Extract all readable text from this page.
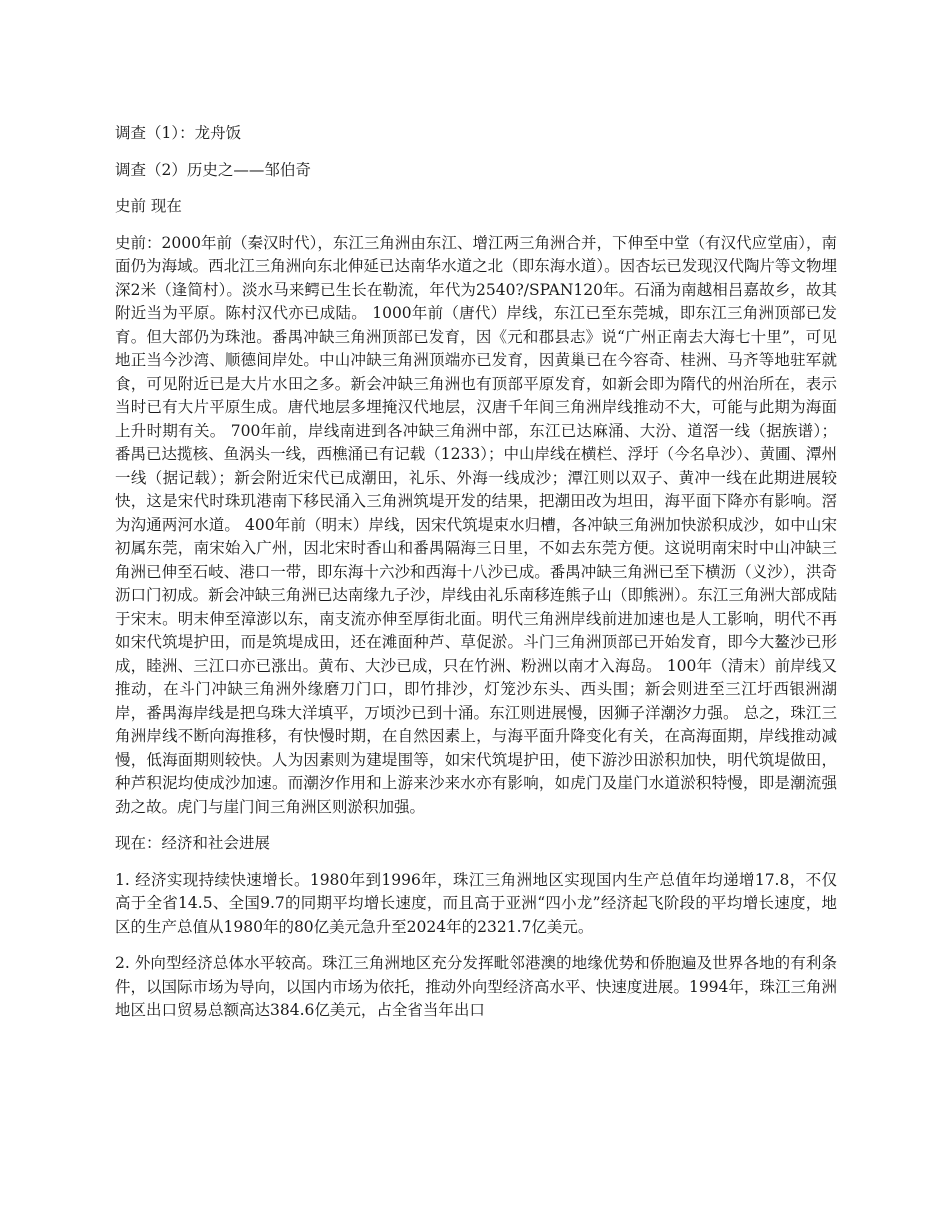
调查（1）：龙舟饭

调查（2）历史之——邹伯奇

史前 现在

史前：2000年前（秦汉时代），东江三角洲由东江、增江两三角洲合并，下伸至中堂（有汉代应堂庙），南面仍为海域。西北江三角洲向东北伸延已达南华水道之北（即东海水道）。因杏坛已发现汉代陶片等文物埋深2米（逢简村）。淡水马来鳄已生长在勒流，年代为2540?/SPAN120年。石涌为南越相吕嘉故乡，故其附近当为平原。陈村汉代亦已成陆。 1000年前（唐代）岸线，东江已至东莞城，即东江三角洲顶部已发育。但大部仍为珠池。番禺冲缺三角洲顶部已发育，因《元和郡县志》说“广州正南去大海七十里”，可见地正当今沙湾、顺德间岸处。中山冲缺三角洲顶端亦已发育，因黄巢已在今容奇、桂洲、马齐等地驻军就食，可见附近已是大片水田之多。新会冲缺三角洲也有顶部平原发育，如新会即为隋代的州治所在，表示当时已有大片平原生成。唐代地层多埋掩汉代地层，汉唐千年间三角洲岸线推动不大，可能与此期为海面上升时期有关。 700年前，岸线南进到各冲缺三角洲中部，东江已达麻涌、大汾、道滘一线（据族谱）；番禺已达揽核、鱼涡头一线，西樵涌已有记载（1233）；中山岸线在横栏、浮圩（今名阜沙）、黄圃、潭州一线（据记载）；新会附近宋代已成潮田，礼乐、外海一线成沙；潭江则以双子、黄冲一线在此期进展较快，这是宋代时珠玑港南下移民涌入三角洲筑堤开发的结果，把潮田改为坦田，海平面下降亦有影响。滘为沟通两河水道。 400年前（明末）岸线，因宋代筑堤束水归槽，各冲缺三角洲加快淤积成沙，如中山宋初属东莞，南宋始入广州，因北宋时香山和番禺隔海三日里，不如去东莞方便。这说明南宋时中山冲缺三角洲已伸至石岐、港口一带，即东海十六沙和西海十八沙已成。番禺冲缺三角洲已至下横沥（义沙），洪奇沥口门初成。新会冲缺三角洲已达南缘九子沙，岸线由礼乐南移连熊子山（即熊洲）。东江三角洲大部成陆于宋末。明末伸至漳澎以东，南支流亦伸至厚街北面。明代三角洲岸线前进加速也是人工影响，明代不再如宋代筑堤护田，而是筑堤成田，还在滩面种芦、草促淤。斗门三角洲顶部已开始发育，即今大鳌沙已形成，睦洲、三江口亦已涨出。黄布、大沙已成，只在竹洲、粉洲以南才入海岛。 100年（清末）前岸线又推动，在斗门冲缺三角洲外缘磨刀门口，即竹排沙，灯笼沙东头、西头围；新会则进至三江圩西银洲湖岸，番禺海岸线是把乌珠大洋填平，万顷沙已到十涌。东江则进展慢，因狮子洋潮汐力强。 总之，珠江三角洲岸线不断向海推移，有快慢时期，在自然因素上，与海平面升降变化有关，在高海面期，岸线推动减慢，低海面期则较快。人为因素则为建堤围等，如宋代筑堤护田，使下游沙田淤积加快，明代筑堤做田，种芦积泥均使成沙加速。而潮汐作用和上游来沙来水亦有影响，如虎门及崖门水道淤积特慢，即是潮流强劲之故。虎门与崖门间三角洲区则淤积加强。

现在：经济和社会进展

1. 经济实现持续快速增长。1980年到1996年，珠江三角洲地区实现国内生产总值年均递增17.8，不仅高于全省14.5、全国9.7的同期平均增长速度，而且高于亚洲“四小龙”经济起飞阶段的平均增长速度，地区的生产总值从1980年的80亿美元急升至2024年的2321.7亿美元。

2. 外向型经济总体水平较高。珠江三角洲地区充分发挥毗邻港澳的地缘优势和侨胞遍及世界各地的有利条件，以国际市场为导向，以国内市场为依托，推动外向型经济高水平、快速度进展。1994年，珠江三角洲地区出口贸易总额高达384.6亿美元，占全省当年出口
